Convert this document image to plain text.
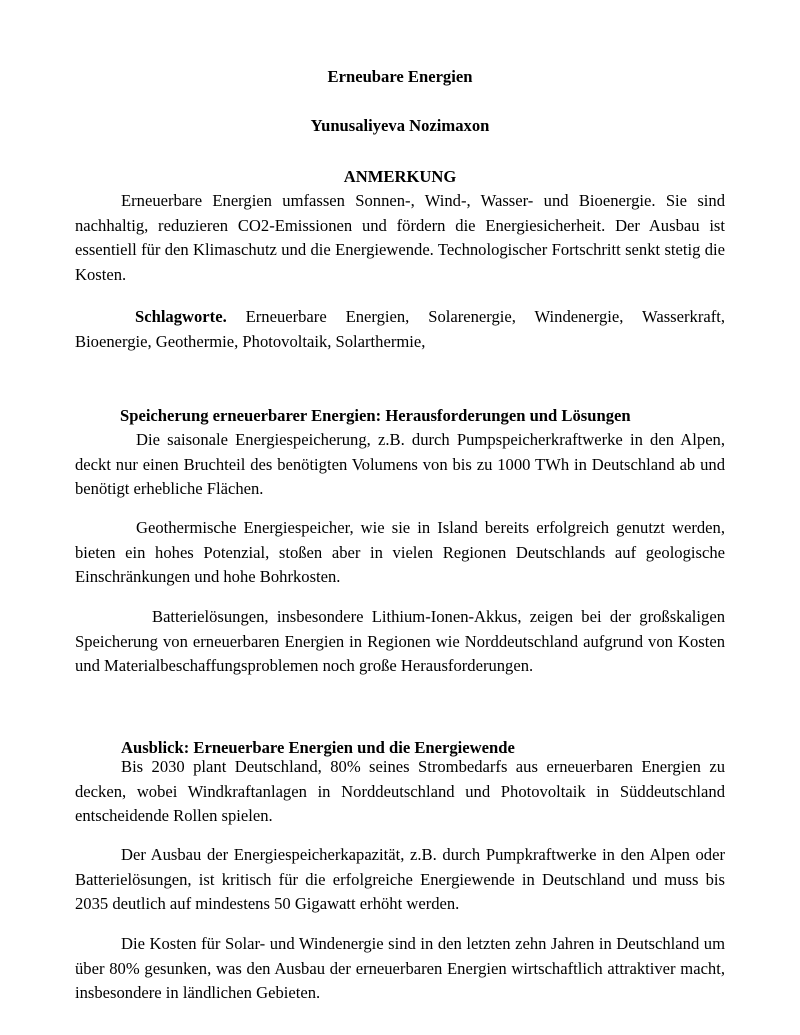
Erneubare Energien
Yunusaliyeva Nozimaxon
ANMERKUNG
Erneuerbare Energien umfassen Sonnen-, Wind-, Wasser- und Bioenergie. Sie sind nachhaltig, reduzieren CO2-Emissionen und fördern die Energiesicherheit. Der Ausbau ist essentiell für den Klimaschutz und die Energiewende. Technologischer Fortschritt senkt stetig die Kosten.
Schlagworte. Erneuerbare Energien, Solarenergie, Windenergie, Wasserkraft, Bioenergie, Geothermie, Photovoltaik, Solarthermie,
Speicherung erneuerbarer Energien: Herausforderungen und Lösungen
Die saisonale Energiespeicherung, z.B. durch Pumpspeicherkraftwerke in den Alpen, deckt nur einen Bruchteil des benötigten Volumens von bis zu 1000 TWh in Deutschland ab und benötigt erhebliche Flächen.
Geothermische Energiespeicher, wie sie in Island bereits erfolgreich genutzt werden, bieten ein hohes Potenzial, stoßen aber in vielen Regionen Deutschlands auf geologische Einschränkungen und hohe Bohrkosten.
Batterielösungen, insbesondere Lithium-Ionen-Akkus, zeigen bei der großskaligen Speicherung von erneuerbaren Energien in Regionen wie Norddeutschland aufgrund von Kosten und Materialbeschaffungsproblemen noch große Herausforderungen.
Ausblick: Erneuerbare Energien und die Energiewende
Bis 2030 plant Deutschland, 80% seines Strombedarfs aus erneuerbaren Energien zu decken, wobei Windkraftanlagen in Norddeutschland und Photovoltaik in Süddeutschland entscheidende Rollen spielen.
Der Ausbau der Energiespeicherkapazität, z.B. durch Pumpkraftwerke in den Alpen oder Batterielösungen, ist kritisch für die erfolgreiche Energiewende in Deutschland und muss bis 2035 deutlich auf mindestens 50 Gigawatt erhöht werden.
Die Kosten für Solar- und Windenergie sind in den letzten zehn Jahren in Deutschland um über 80% gesunken, was den Ausbau der erneuerbaren Energien wirtschaftlich attraktiver macht, insbesondere in ländlichen Gebieten.
